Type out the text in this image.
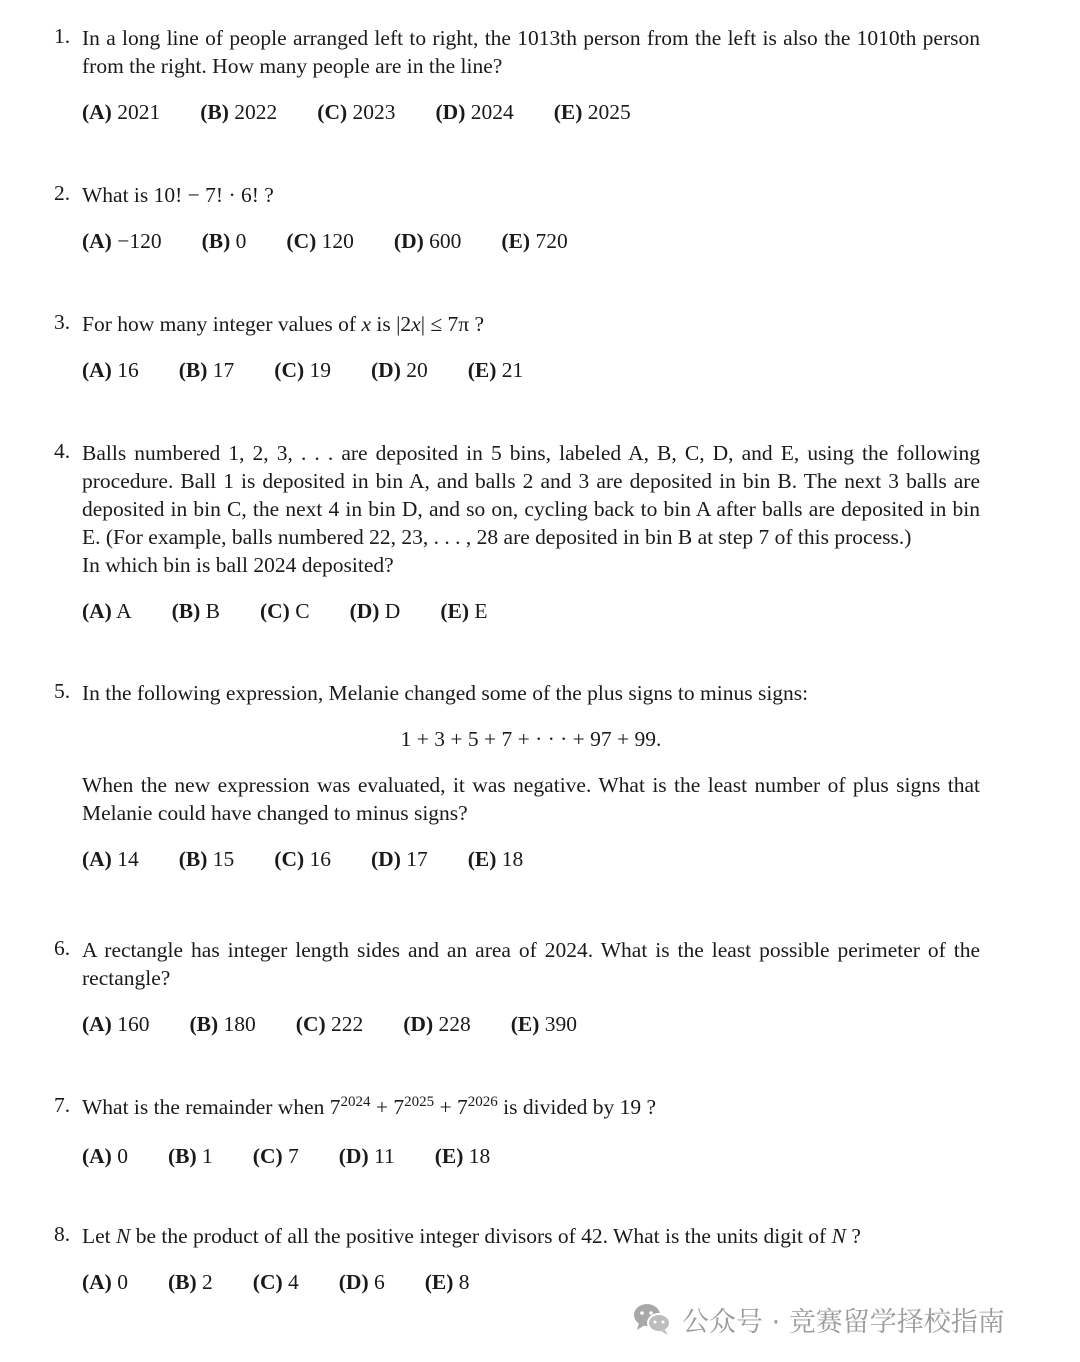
1. In a long line of people arranged left to right, the 1013th person from the left is also the 1010th person from the right. How many people are in the line?
(A) 2021 (B) 2022 (C) 2023 (D) 2024 (E) 2025
2. What is 10! − 7! · 6! ?
(A) −120 (B) 0 (C) 120 (D) 600 (E) 720
3. For how many integer values of x is |2x| ≤ 7π ?
(A) 16 (B) 17 (C) 19 (D) 20 (E) 21
4. Balls numbered 1, 2, 3, . . . are deposited in 5 bins, labeled A, B, C, D, and E, using the following procedure. Ball 1 is deposited in bin A, and balls 2 and 3 are deposited in bin B. The next 3 balls are deposited in bin C, the next 4 in bin D, and so on, cycling back to bin A after balls are deposited in bin E. (For example, balls numbered 22, 23, . . . , 28 are deposited in bin B at step 7 of this process.)
In which bin is ball 2024 deposited?
(A) A (B) B (C) C (D) D (E) E
5. In the following expression, Melanie changed some of the plus signs to minus signs:
1 + 3 + 5 + 7 + · · · + 97 + 99.
When the new expression was evaluated, it was negative. What is the least number of plus signs that Melanie could have changed to minus signs?
(A) 14 (B) 15 (C) 16 (D) 17 (E) 18
6. A rectangle has integer length sides and an area of 2024. What is the least possible perimeter of the rectangle?
(A) 160 (B) 180 (C) 222 (D) 228 (E) 390
7. What is the remainder when $7^{2024} + 7^{2025} + 7^{2026}$ is divided by 19 ?
(A) 0 (B) 1 (C) 7 (D) 11 (E) 18
8. Let N be the product of all the positive integer divisors of 42. What is the units digit of N ?
(A) 0 (B) 2 (C) 4 (D) 6 (E) 8
公众号 · 竞赛留学择校指南
